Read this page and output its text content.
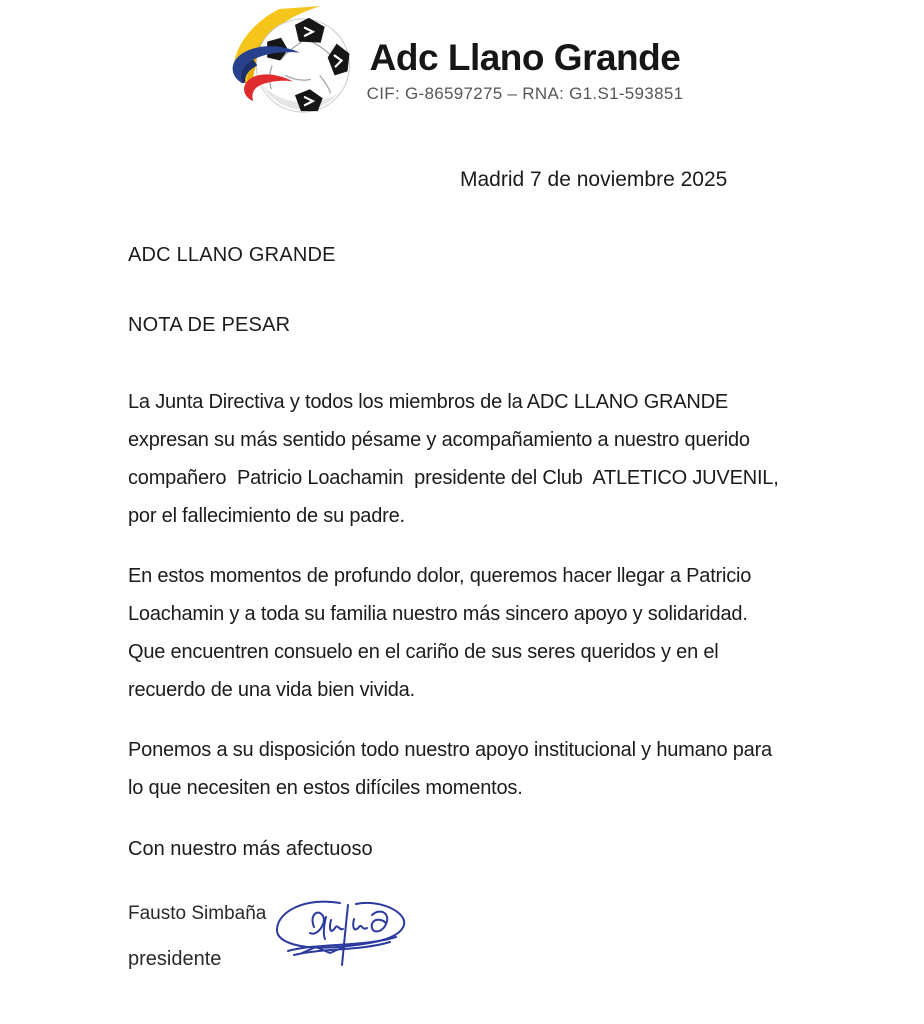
Adc Llano Grande
CIF: G-86597275 – RNA: G1.S1-593851
Madrid 7 de noviembre 2025
ADC LLANO GRANDE
NOTA DE PESAR
La Junta Directiva y todos los miembros de la ADC LLANO GRANDE
expresan su más sentido pésame y acompañamiento a nuestro querido
compañero  Patricio Loachamin  presidente del Club  ATLETICO JUVENIL,
por el fallecimiento de su padre.
En estos momentos de profundo dolor, queremos hacer llegar a Patricio
Loachamin y a toda su familia nuestro más sincero apoyo y solidaridad.
Que encuentren consuelo en el cariño de sus seres queridos y en el
recuerdo de una vida bien vivida.
Ponemos a su disposición todo nuestro apoyo institucional y humano para
lo que necesiten en estos difíciles momentos.
Con nuestro más afectuoso
Fausto Simbaña
presidente
